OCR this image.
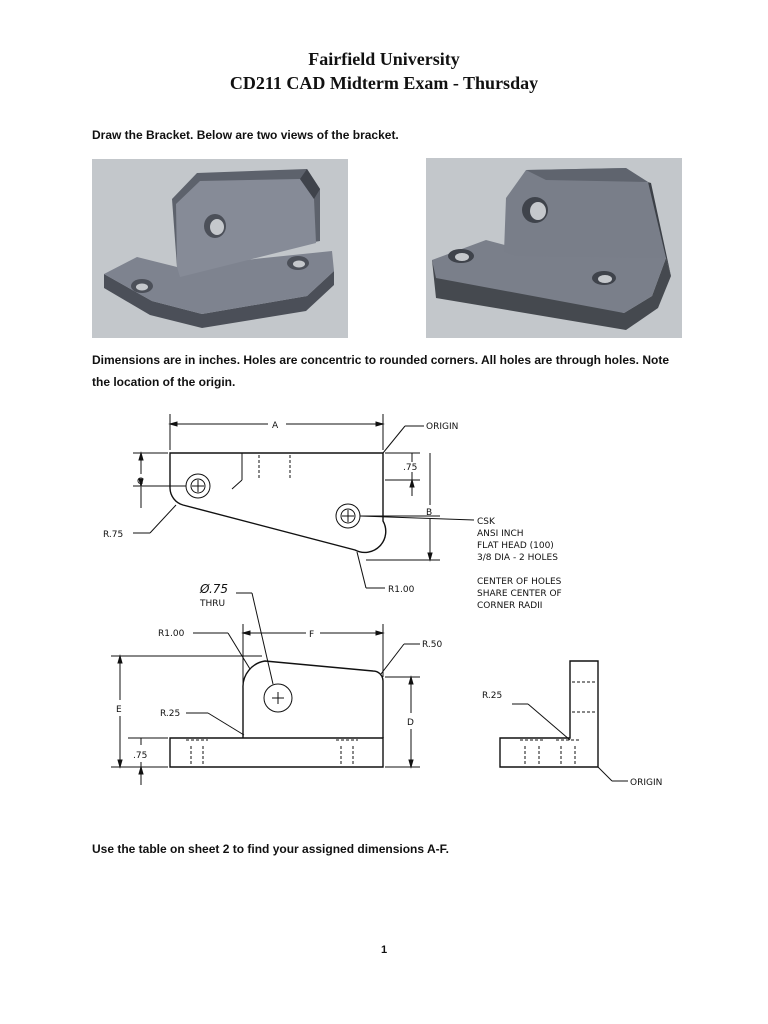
Fairfield University
CD211 CAD Midterm Exam - Thursday
Draw the Bracket. Below are two views of the bracket.
Dimensions are in inches. Holes are concentric to rounded corners. All holes are through holes. Note
the location of the origin.
A	ORIGIN
C
.75
B
R.75
R1.00
CSK
ANSI INCH
FLAT HEAD (100)
3/8 DIA - 2 HOLES
CENTER OF HOLES
SHARE CENTER OF
CORNER RADII
Ø.75
THRU
F
R1.00
R.50
E	R.25
.75
D
R.25
ORIGIN
Use the table on sheet 2 to find your assigned dimensions A-F.
1
